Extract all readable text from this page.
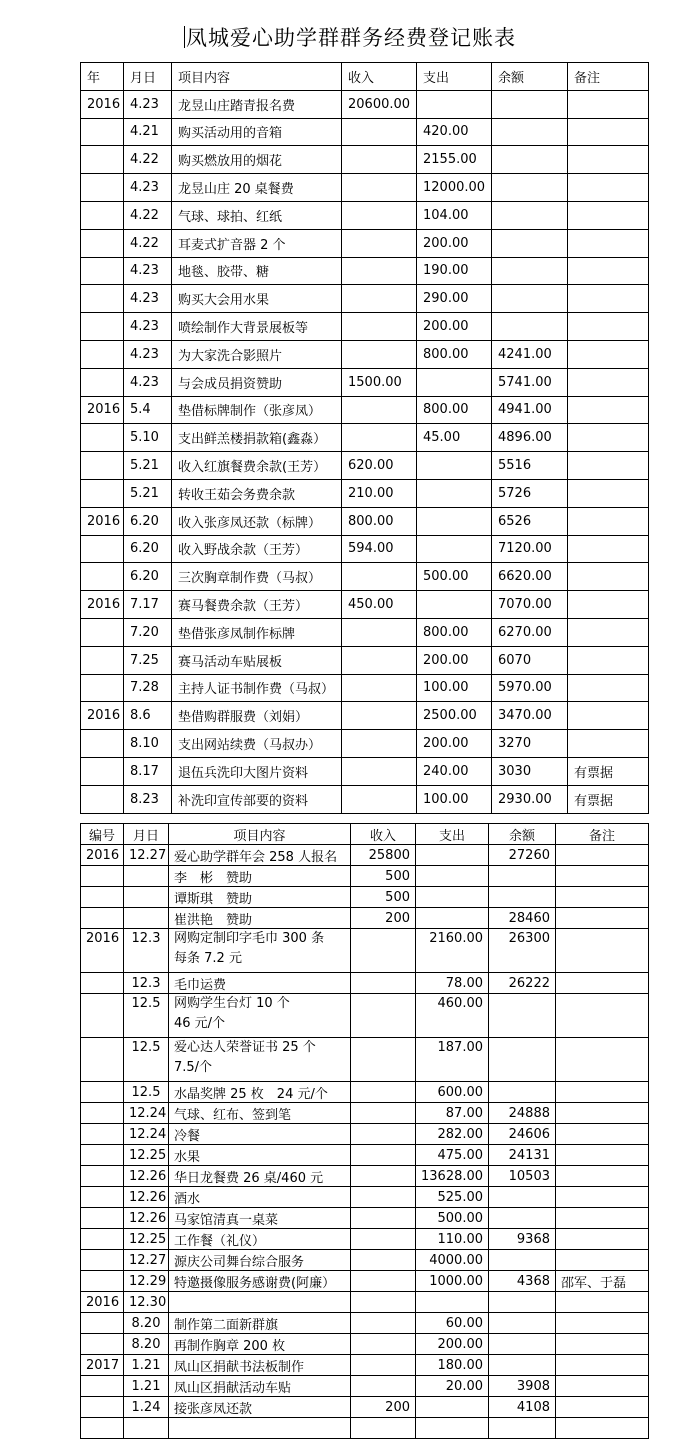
凤城爱心助学群群务经费登记账表
年	月日	项目内容	收入	支出	余额	备注
2016	4.23	龙昱山庄踏青报名费	20600.00			
	4.21	购买活动用的音箱		420.00		
	4.22	购买燃放用的烟花		2155.00		
	4.23	龙昱山庄 20 桌餐费		12000.00		
	4.22	气球、球拍、红纸		104.00		
	4.22	耳麦式扩音器 2 个		200.00		
	4.23	地毯、胶带、糖		190.00		
	4.23	购买大会用水果		290.00		
	4.23	喷绘制作大背景展板等		200.00		
	4.23	为大家洗合影照片		800.00	4241.00	
	4.23	与会成员捐资赞助	1500.00		5741.00	
2016	5.4	垫借标牌制作（张彦凤）		800.00	4941.00	
	5.10	支出鲜羔楼捐款箱(鑫淼）		45.00	4896.00	
	5.21	收入红旗餐费余款(王芳）	620.00		5516	
	5.21	转收王茹会务费余款	210.00		5726	
2016	6.20	收入张彦凤还款（标牌）	800.00		6526	
	6.20	收入野战余款（王芳）	594.00		7120.00	
	6.20	三次胸章制作费（马叔）		500.00	6620.00	
2016	7.17	赛马餐费余款（王芳）	450.00		7070.00	
	7.20	垫借张彦凤制作标牌		800.00	6270.00	
	7.25	赛马活动车贴展板		200.00	6070	
	7.28	主持人证书制作费（马叔）		100.00	5970.00	
2016	8.6	垫借购群服费（刘娟）		2500.00	3470.00	
	8.10	支出网站续费（马叔办）		200.00	3270	
	8.17	退伍兵洗印大图片资料		240.00	3030	有票据
	8.23	补洗印宣传部要的资料		100.00	2930.00	有票据
编号	月日	项目内容	收入	支出	余额	备注
2016	12.27	爱心助学群年会 258 人报名	25800		27260	
		李　彬　赞助	500			
		谭斯琪　赞助	500			
		崔洪艳　赞助	200		28460	
2016	12.3	网购定制印字毛巾 300 条
每条 7.2 元		2160.00	26300	
	12.3	毛巾运费		78.00	26222	
	12.5	网购学生台灯 10 个
46 元/个		460.00		
	12.5	爱心达人荣誉证书 25 个
7.5/个		187.00		
	12.5	水晶奖牌 25 枚　24 元/个		600.00		
	12.24	气球、红布、签到笔		87.00	24888	
	12.24	冷餐		282.00	24606	
	12.25	水果		475.00	24131	
	12.26	华日龙餐费 26 桌/460 元		13628.00	10503	
	12.26	酒水		525.00		
	12.26	马家馆清真一桌菜		500.00		
	12.25	工作餐（礼仪）		110.00	9368	
	12.27	源庆公司舞台综合服务		4000.00		
	12.29	特邀摄像服务感谢费(阿廉）		1000.00	4368	邵军、于磊
2016	12.30					
	8.20	制作第二面新群旗		60.00		
	8.20	再制作胸章 200 枚		200.00		
2017	1.21	凤山区捐献书法板制作		180.00		
	1.21	凤山区捐献活动车贴		20.00	3908	
	1.24	接张彦凤还款	200		4108	
